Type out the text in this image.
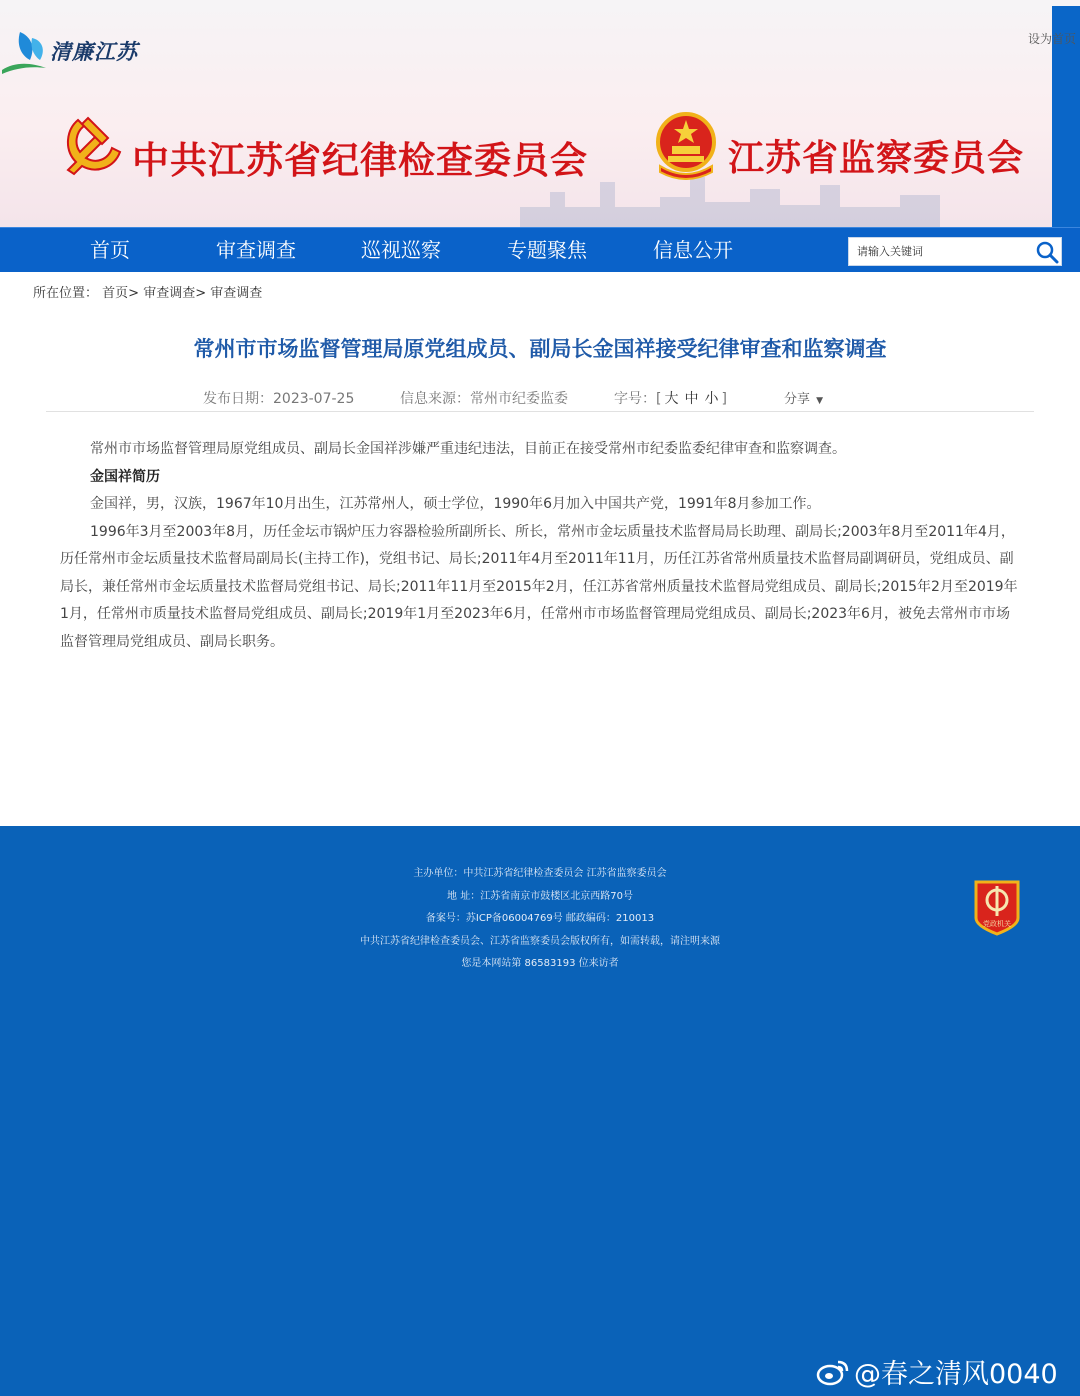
清廉江苏	设为首页
中共江苏省纪律检查委员会	江苏省监察委员会
首页	审查调查	巡视巡察	专题聚焦	信息公开
请输入关键词
所在位置： 首页> 审查调查> 审查调查
常州市市场监督管理局原党组成员、副局长金国祥接受纪律审查和监察调查
发布日期：2023-07-25	信息来源：常州市纪委监委	字号：[ 大 中 小 ]	分享 ▼

常州市市场监督管理局原党组成员、副局长金国祥涉嫌严重违纪违法，目前正在接受常州市纪委监委纪律审查和监察调查。

金国祥简历

金国祥，男，汉族，1967年10月出生，江苏常州人，硕士学位，1990年6月加入中国共产党，1991年8月参加工作。

1996年3月至2003年8月，历任金坛市锅炉压力容器检验所副所长、所长，常州市金坛质量技术监督局局长助理、副局长;2003年8月至2011年4月，历任常州市金坛质量技术监督局副局长(主持工作)，党组书记、局长;2011年4月至2011年11月，历任江苏省常州质量技术监督局副调研员，党组成员、副局长，兼任常州市金坛质量技术监督局党组书记、局长;2011年11月至2015年2月，任江苏省常州质量技术监督局党组成员、副局长;2015年2月至2019年1月，任常州市质量技术监督局党组成员、副局长;2019年1月至2023年6月，任常州市市场监督管理局党组成员、副局长;2023年6月，被免去常州市市场监督管理局党组成员、副局长职务。

主办单位：中共江苏省纪律检查委员会 江苏省监察委员会
地 址：江苏省南京市鼓楼区北京西路70号
备案号：苏ICP备06004769号 邮政编码：210013
中共江苏省纪律检查委员会、江苏省监察委员会版权所有，如需转载，请注明来源
您是本网站第 86583193 位来访者
党政机关
@春之清风0040
